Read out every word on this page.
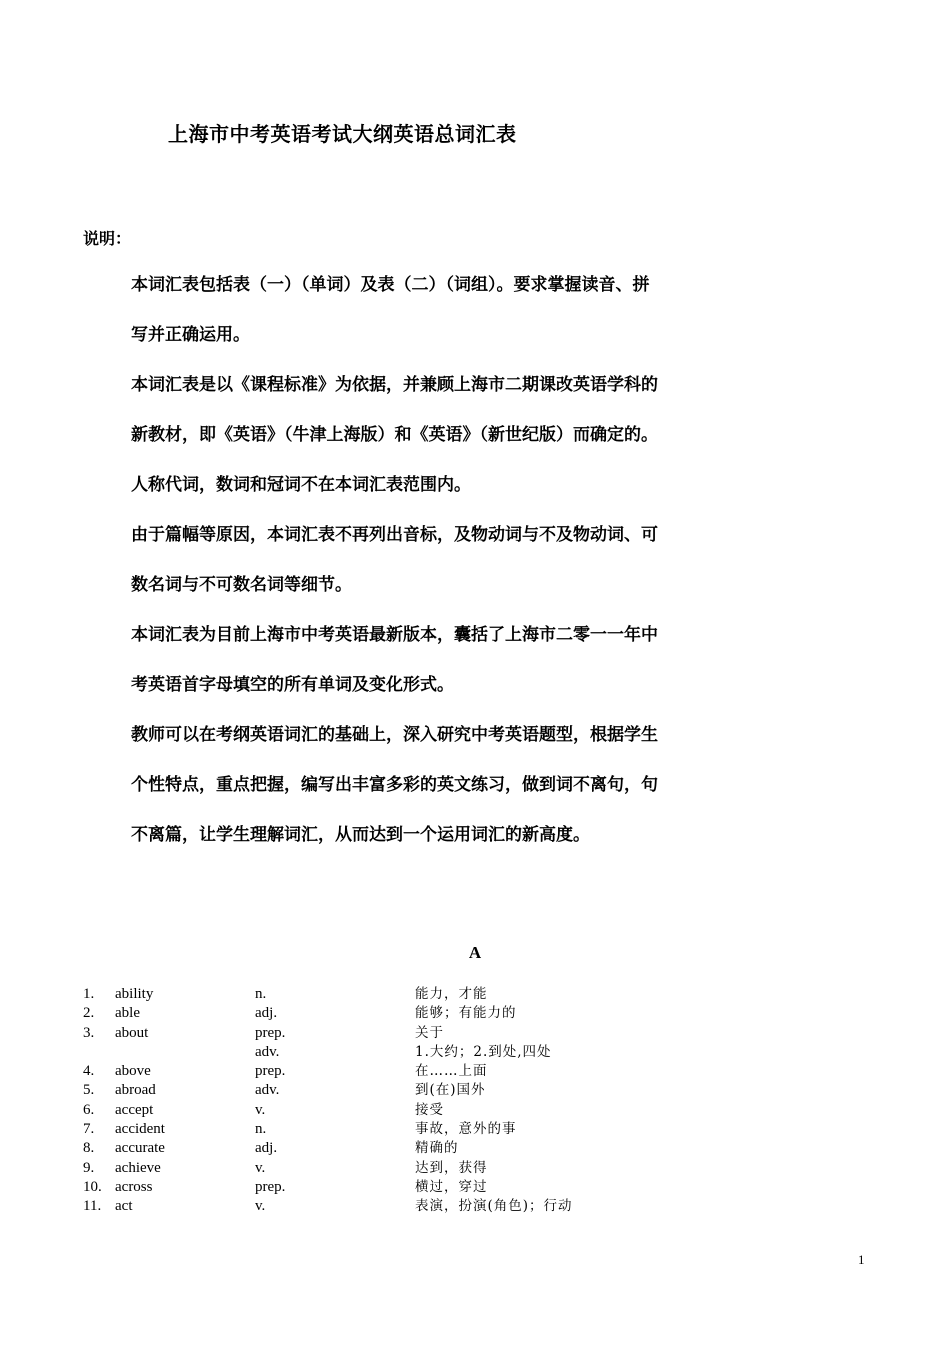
上海市中考英语考试大纲英语总词汇表
说明：
本词汇表包括表（一）（单词）及表（二）（词组）。要求掌握读音、拼
写并正确运用。
本词汇表是以《课程标准》为依据，并兼顾上海市二期课改英语学科的
新教材，即《英语》（牛津上海版）和《英语》（新世纪版）而确定的。
人称代词，数词和冠词不在本词汇表范围内。
由于篇幅等原因，本词汇表不再列出音标，及物动词与不及物动词、可
数名词与不可数名词等细节。
本词汇表为目前上海市中考英语最新版本，囊括了上海市二零一一年中
考英语首字母填空的所有单词及变化形式。
教师可以在考纲英语词汇的基础上，深入研究中考英语题型，根据学生
个性特点，重点把握，编写出丰富多彩的英文练习，做到词不离句，句
不离篇，让学生理解词汇，从而达到一个运用词汇的新高度。
A
1. ability	n.	能力，才能
2. able	adj.	能够；有能力的
3. about	prep.	关于
adv.	1.大约；2.到处,四处
4. above	prep.	在……上面
5. abroad	adv.	到(在)国外
6. accept	v.	接受
7. accident	n.	事故，意外的事
8. accurate	adj.	精确的
9. achieve	v.	达到，获得
10. across	prep.	横过，穿过
11. act	v.	表演，扮演(角色)；行动
1
